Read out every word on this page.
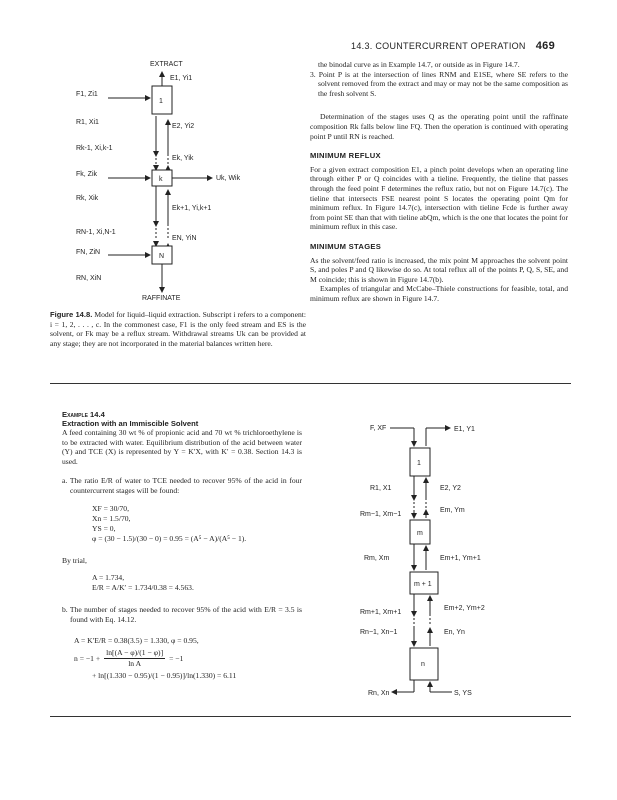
14.3. COUNTERCURRENT OPERATION 469
EXTRACT
1
k
N
E1, Yi1
F1, Zi1
R1, Xi1
E2, Yi2
Rk-1, Xi,k-1
Ek, Yik
Fk, Zik
Uk, Wik
Rk, Xik
Ek+1, Yi,k+1
RN-1, Xi,N-1
EN, YiN
FN, ZiN
RN, XiN
RAFFINATE
Figure 14.8. Model for liquid–liquid extraction. Subscript i refers to a component: i = 1, 2, . . . , c. In the commonest case, F1 is the only feed stream and ES is the solvent, or Fk may be a reflux stream. Withdrawal streams Uk can be provided at any stage; they are not incorporated in the material balances written here.

the binodal curve as in Example 14.7, or outside as in Figure 14.7.

3. Point P is at the intersection of lines RNM and E1SE, where SE refers to the solvent removed from the extract and may or may not be the same composition as the fresh solvent S.

Determination of the stages uses Q as the operating point until the raffinate composition Rk falls below line FQ. Then the operation is continued with operating point P until RN is reached.

MINIMUM REFLUX

For a given extract composition E1, a pinch point develops when an operating line through either P or Q coincides with a tieline. Frequently, the tieline that passes through the feed point F determines the reflux ratio, but not on Figure 14.7(c). The tieline that intersects FSE nearest point S locates the operating point Qm for minimum reflux. In Figure 14.7(c), intersection with tieline Fcde is further away from point SE than that with tieline abQm, which is the one that locates the point for minimum reflux in this case.

MINIMUM STAGES

As the solvent/feed ratio is increased, the mix point M approaches the solvent point S, and poles P and Q likewise do so. At total reflux all of the points P, Q, S, SE, and M coincide; this is shown in Figure 14.7(b).

Examples of triangular and McCabe–Thiele constructions for feasible, total, and minimum reflux are shown in Figure 14.7.

Example 14.4
Extraction with an Immiscible Solvent
A feed containing 30 wt % of propionic acid and 70 wt % trichloroethylene is to be extracted with water. Equilibrium distribution of the acid between water (Y) and TCE (X) is represented by Y = K′X, with K′ = 0.38. Section 14.3 is used.
a. The ratio E/R of water to TCE needed to recover 95% of the acid in four countercurrent stages will be found:
XF = 30/70,
Xn = 1.5/70,
YS = 0,
φ = (30 − 1.5)/(30 − 0) = 0.95 = (A⁵ − A)/(A⁵ − 1).
By trial,
A = 1.734,
E/R = A/K′ = 1.734/0.38 = 4.563.
b. The number of stages needed to recover 95% of the acid with E/R = 3.5 is found with Eq. 14.12.
A = K′E/R = 0.38(3.5) = 1.330, φ = 0.95,
$n = -1 + \frac{\ln[(A - \varphi)/(1 - \varphi)]}{\text{ln A}} = -1$
+ ln[(1.330 − 0.95)/(1 − 0.95)]/ln(1.330) = 6.11
F, XF	E1, Y1
1
R1, X1	E2, Y2
Rm−1, Xm−1
Em, Ym
m
Rm, Xm	Em+1, Ym+1
m + 1
Rm+1, Xm+1
Em+2, Ym+2
Rn−1, Xn−1	En, Yn
n
Rn, Xn	S, YS
